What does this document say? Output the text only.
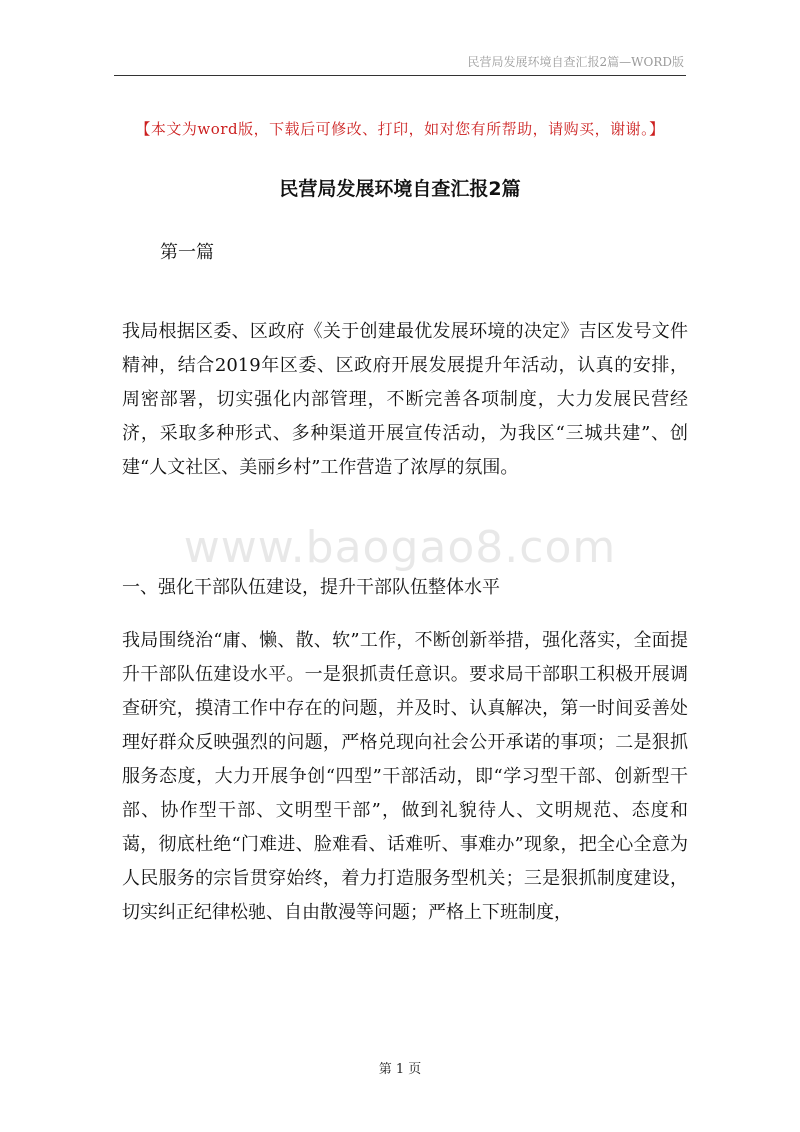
民营局发展环境自查汇报2篇—WORD版
【本文为word版，下载后可修改、打印，如对您有所帮助，请购买，谢谢。】
民营局发展环境自查汇报2篇
第一篇

我局根据区委、区政府《关于创建最优发展环境的决定》吉区发号文件精神，结合2019年区委、区政府开展发展提升年活动，认真的安排，周密部署，切实强化内部管理，不断完善各项制度，大力发展民营经济，采取多种形式、多种渠道开展宣传活动，为我区“三城共建”、创建“人文社区、美丽乡村”工作营造了浓厚的氛围。

www.baogao8.com
一、强化干部队伍建设，提升干部队伍整体水平

我局围绕治“庸、懒、散、软”工作，不断创新举措，强化落实，全面提升干部队伍建设水平。一是狠抓责任意识。要求局干部职工积极开展调查研究，摸清工作中存在的问题，并及时、认真解决，第一时间妥善处理好群众反映强烈的问题，严格兑现向社会公开承诺的事项；二是狠抓服务态度，大力开展争创“四型”干部活动，即“学习型干部、创新型干部、协作型干部、文明型干部”，做到礼貌待人、文明规范、态度和蔼，彻底杜绝“门难进、脸难看、话难听、事难办”现象，把全心全意为人民服务的宗旨贯穿始终，着力打造服务型机关；三是狠抓制度建设，切实纠正纪律松驰、自由散漫等问题；严格上下班制度，

第 1 页
